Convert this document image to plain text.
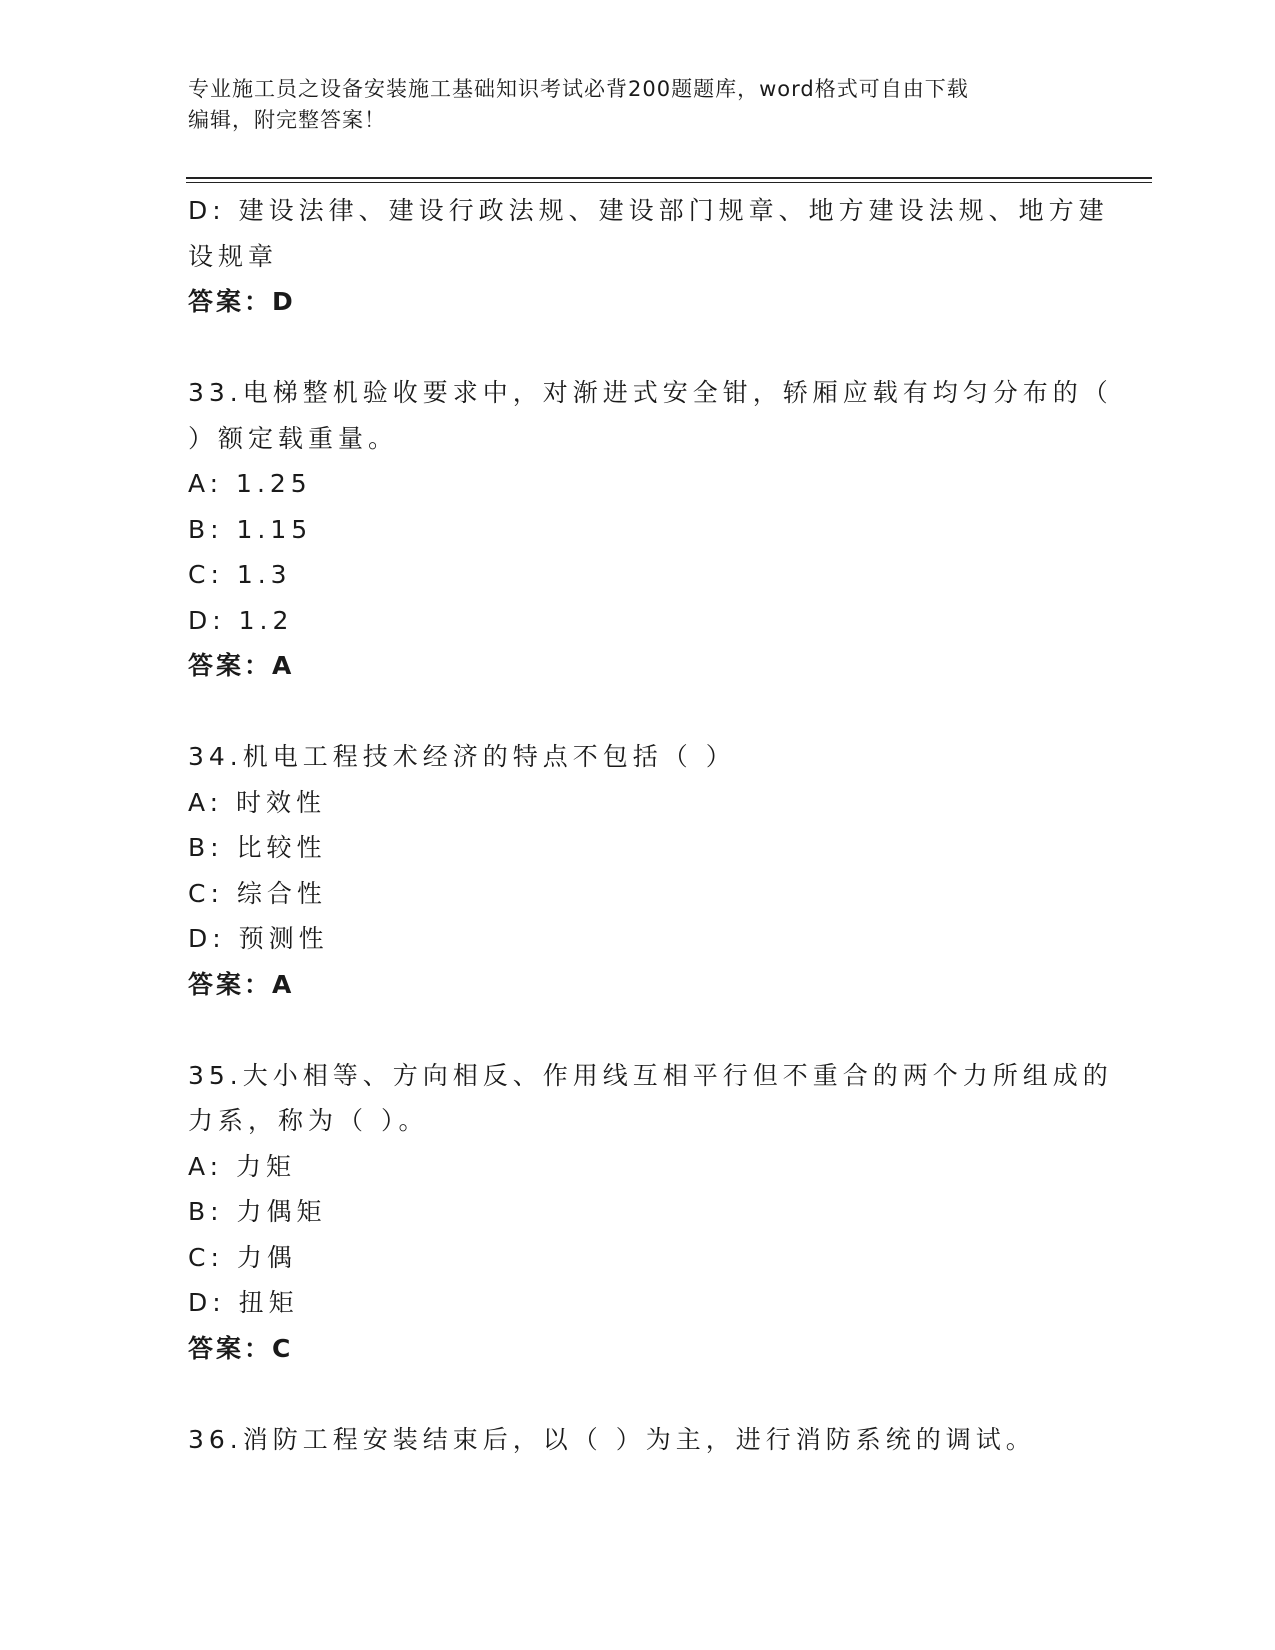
专业施工员之设备安装施工基础知识考试必背200题题库，word格式可自由下载
编辑，附完整答案！
D: 建设法律、建设行政法规、建设部门规章、地方建设法规、地方建
设规章
答案：D
33.电梯整机验收要求中，对渐进式安全钳，轿厢应载有均匀分布的（
）额定载重量。
A: 1.25
B: 1.15
C: 1.3
D: 1.2
答案：A
34.机电工程技术经济的特点不包括（ ）
A: 时效性
B: 比较性
C: 综合性
D: 预测性
答案：A
35.大小相等、方向相反、作用线互相平行但不重合的两个力所组成的
力系，称为（ ）。
A: 力矩
B: 力偶矩
C: 力偶
D: 扭矩
答案：C
36.消防工程安装结束后，以（ ）为主，进行消防系统的调试。
